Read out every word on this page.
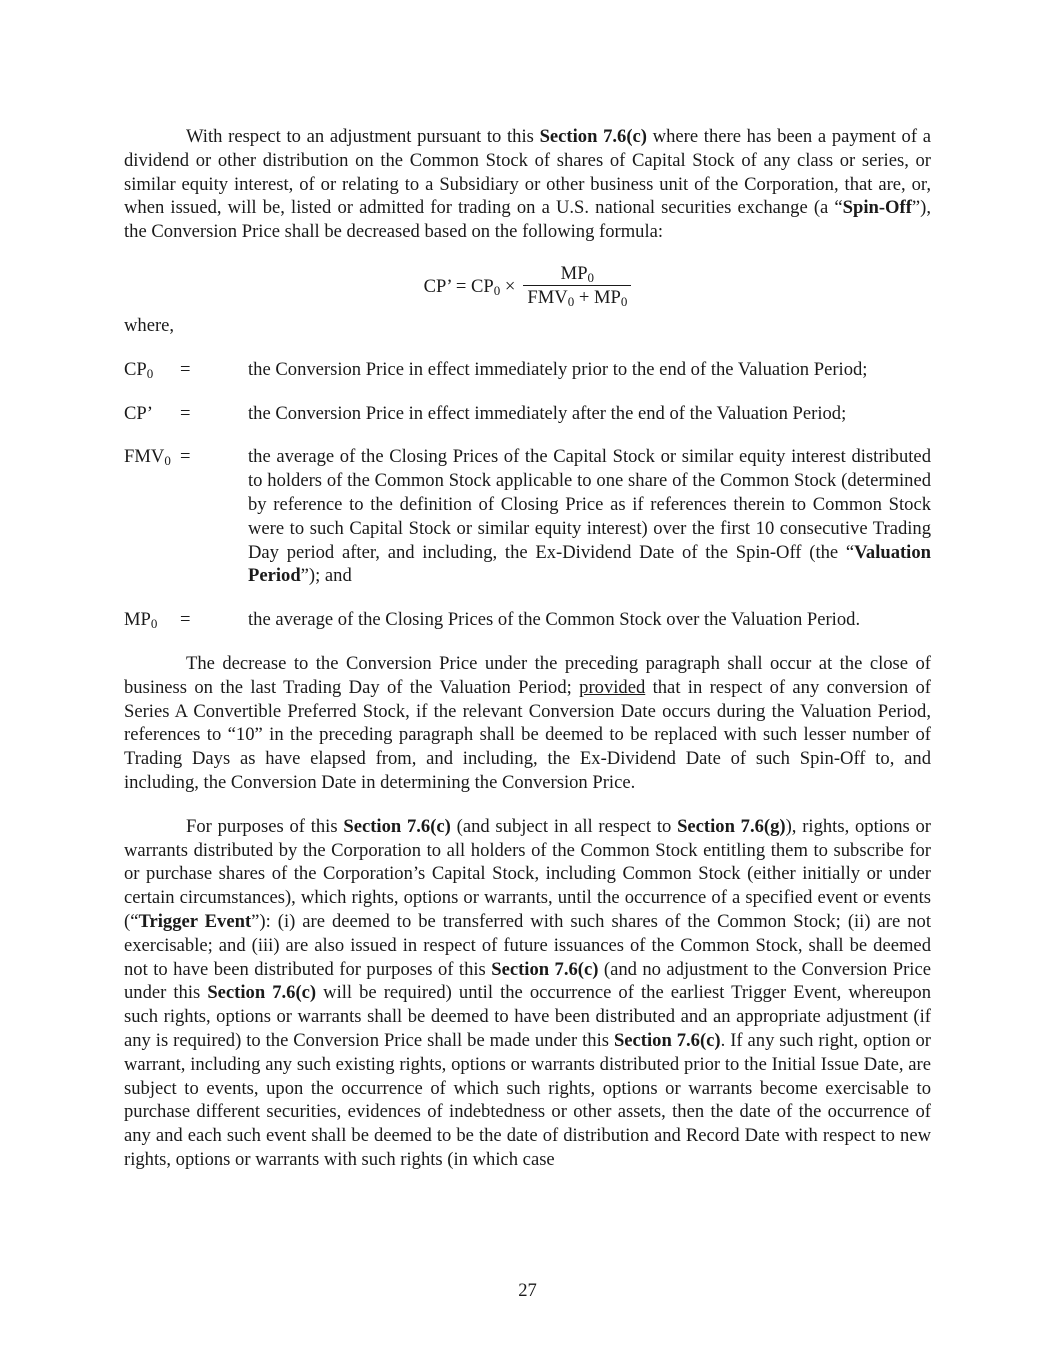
With respect to an adjustment pursuant to this Section 7.6(c) where there has been a payment of a dividend or other distribution on the Common Stock of shares of Capital Stock of any class or series, or similar equity interest, of or relating to a Subsidiary or other business unit of the Corporation, that are, or, when issued, will be, listed or admitted for trading on a U.S. national securities exchange (a “Spin-Off”), the Conversion Price shall be decreased based on the following formula:

CP’ = $CP_0 \times \frac{MP_0}{FMV_0 + MP_0}$

where,

$CP_0$	=	the Conversion Price in effect immediately prior to the end of the Valuation Period;
CP’	=	the Conversion Price in effect immediately after the end of the Valuation Period;
$FMV_0$ =	the average of the Closing Prices of the Capital Stock or similar equity interest distributed to holders of the Common Stock applicable to one share of the Common Stock (determined by reference to the definition of Closing Price as if references therein to Common Stock were to such Capital Stock or similar equity interest) over the first 10 consecutive Trading Day period after, and including, the Ex-Dividend Date of the Spin-Off (the “Valuation Period”); and
$MP_0$	=	the average of the Closing Prices of the Common Stock over the Valuation Period.

The decrease to the Conversion Price under the preceding paragraph shall occur at the close of business on the last Trading Day of the Valuation Period; provided that in respect of any conversion of Series A Convertible Preferred Stock, if the relevant Conversion Date occurs during the Valuation Period, references to “10” in the preceding paragraph shall be deemed to be replaced with such lesser number of Trading Days as have elapsed from, and including, the Ex-Dividend Date of such Spin-Off to, and including, the Conversion Date in determining the Conversion Price.

For purposes of this Section 7.6(c) (and subject in all respect to Section 7.6(g)), rights, options or warrants distributed by the Corporation to all holders of the Common Stock entitling them to subscribe for or purchase shares of the Corporation’s Capital Stock, including Common Stock (either initially or under certain circumstances), which rights, options or warrants, until the occurrence of a specified event or events (“Trigger Event”): (i) are deemed to be transferred with such shares of the Common Stock; (ii) are not exercisable; and (iii) are also issued in respect of future issuances of the Common Stock, shall be deemed not to have been distributed for purposes of this Section 7.6(c) (and no adjustment to the Conversion Price under this Section 7.6(c) will be required) until the occurrence of the earliest Trigger Event, whereupon such rights, options or warrants shall be deemed to have been distributed and an appropriate adjustment (if any is required) to the Conversion Price shall be made under this Section 7.6(c). If any such right, option or warrant, including any such existing rights, options or warrants distributed prior to the Initial Issue Date, are subject to events, upon the occurrence of which such rights, options or warrants become exercisable to purchase different securities, evidences of indebtedness or other assets, then the date of the occurrence of any and each such event shall be deemed to be the date of distribution and Record Date with respect to new rights, options or warrants with such rights (in which case

27
